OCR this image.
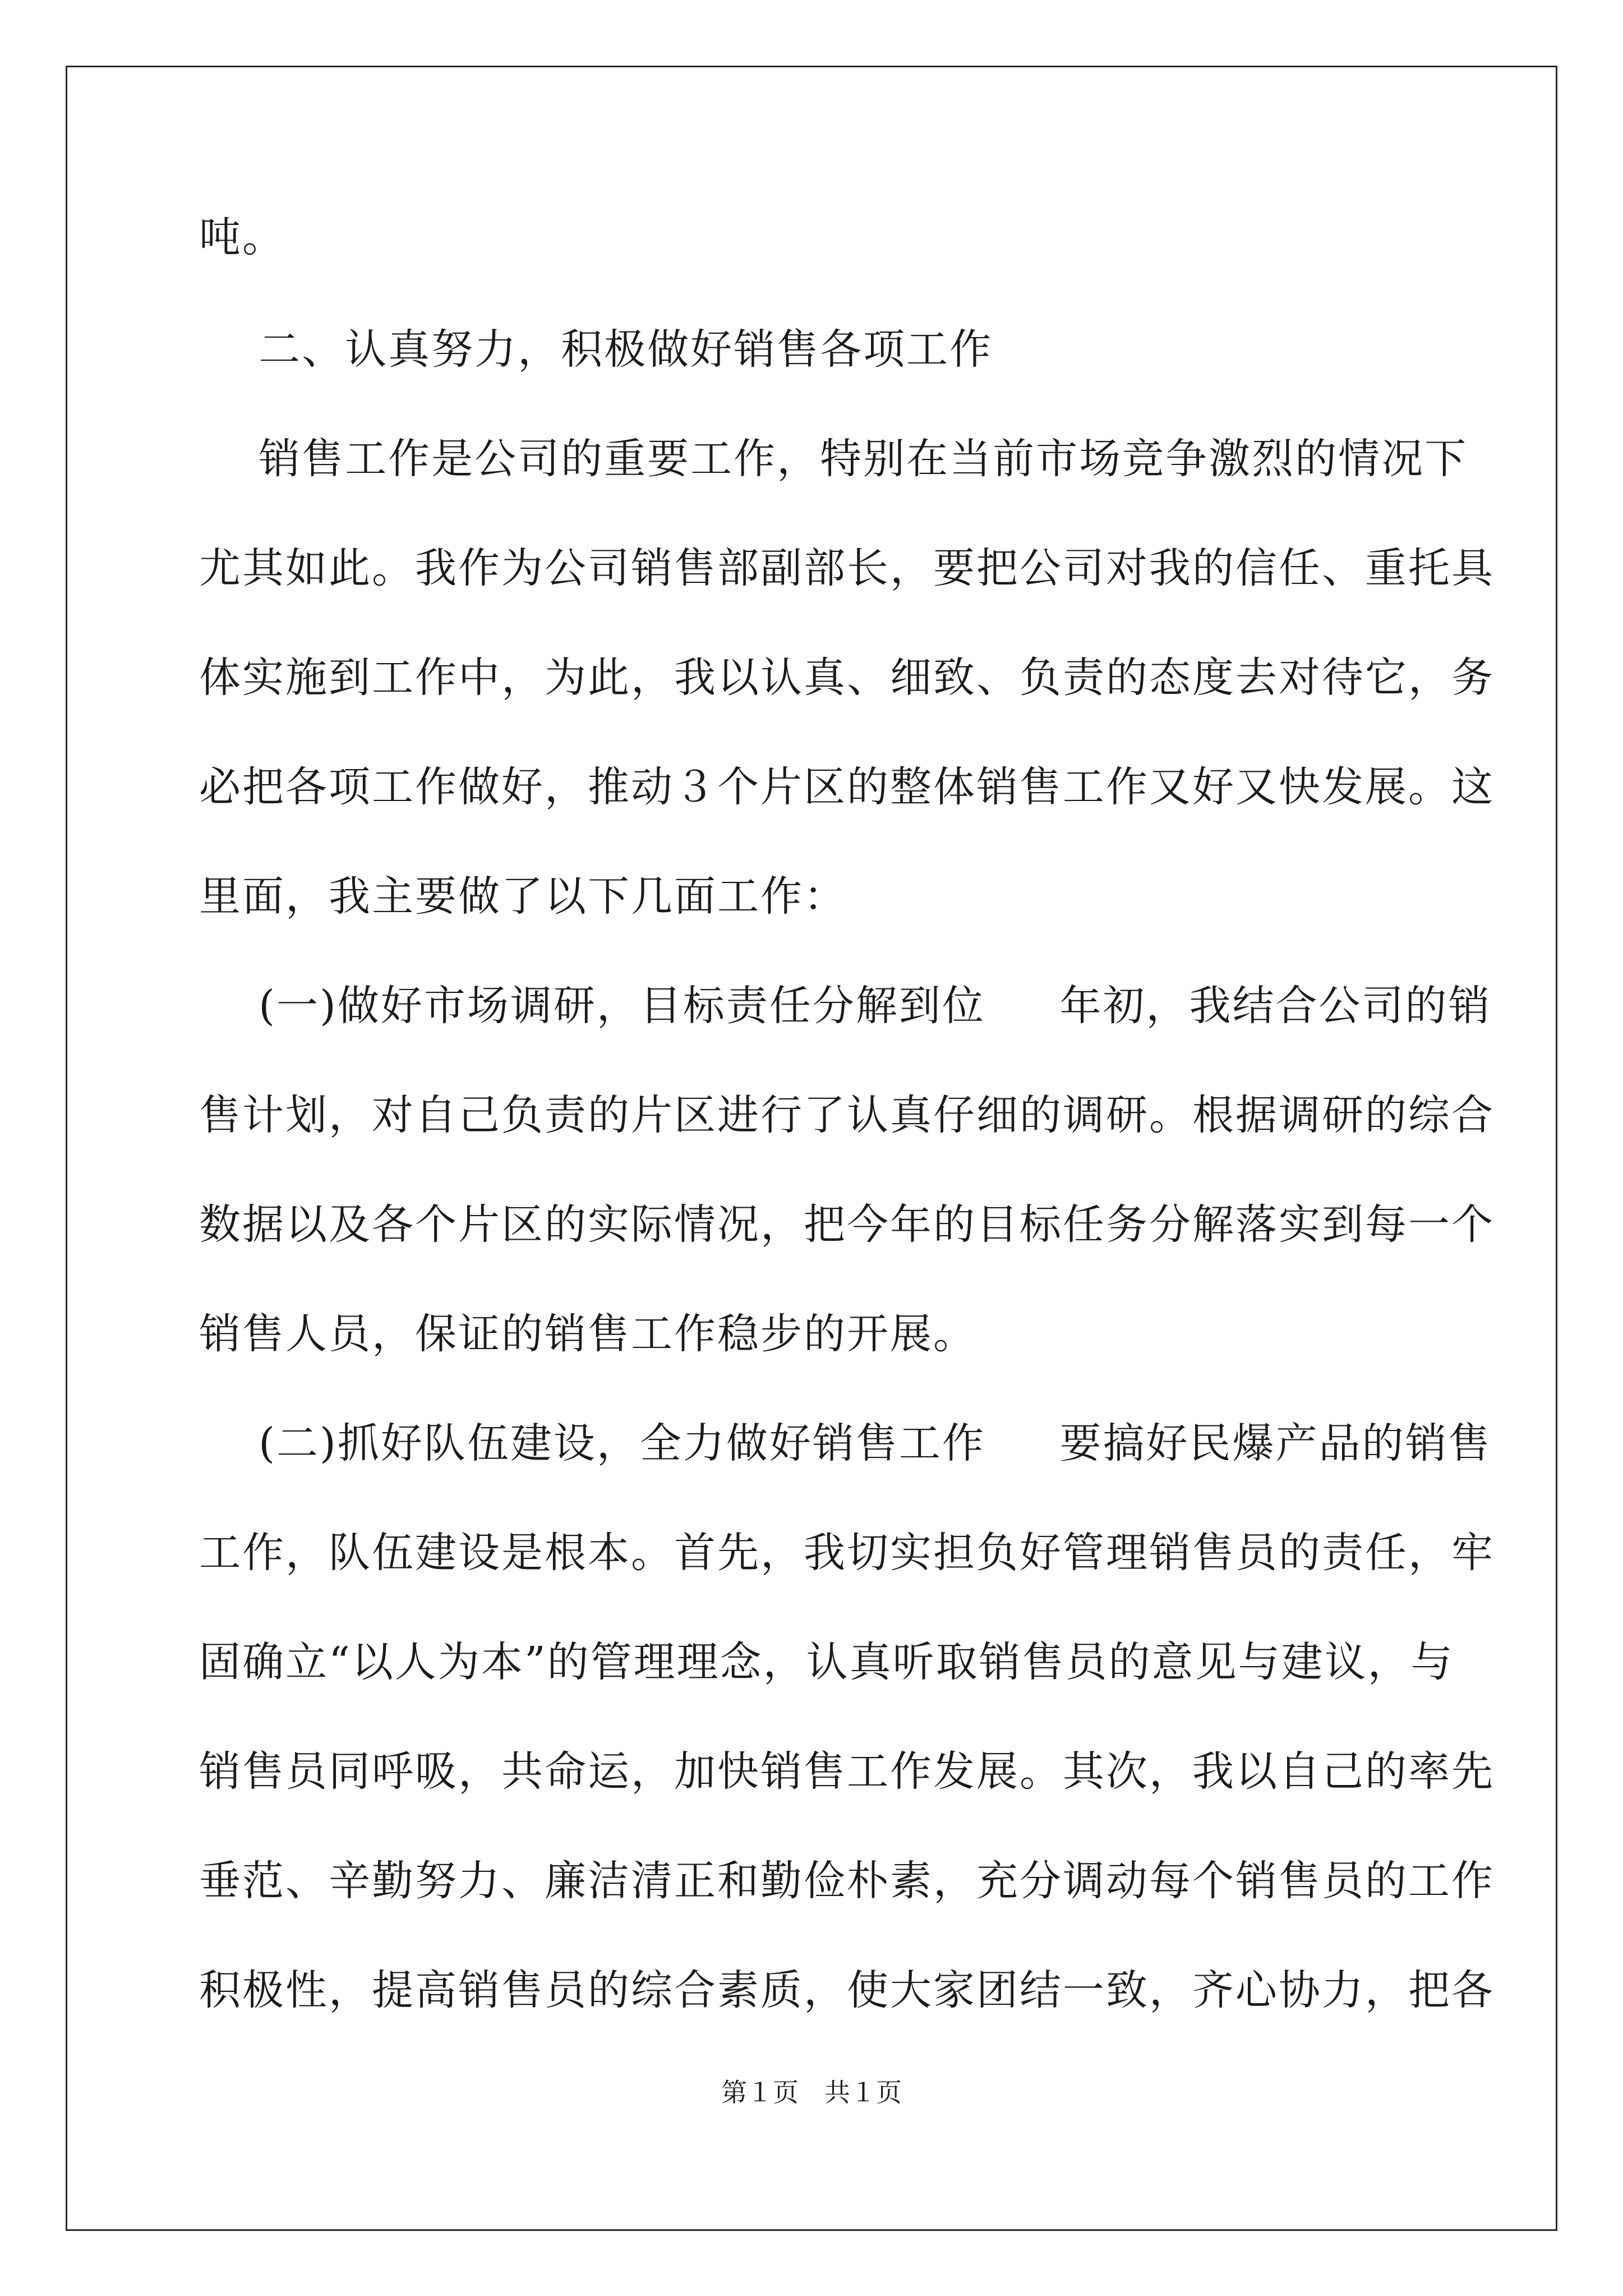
吨。
二、认真努力，积极做好销售各项工作
销售工作是公司的重要工作，特别在当前市场竞争激烈的情况下
尤其如此。我作为公司销售部副部长，要把公司对我的信任、重托具
体实施到工作中，为此，我以认真、细致、负责的态度去对待它，务
必把各项工作做好，推动３个片区的整体销售工作又好又快发展。这
里面，我主要做了以下几面工作：
(一)做好市场调研，目标责任分解到位     年初，我结合公司的销
售计划，对自己负责的片区进行了认真仔细的调研。根据调研的综合
数据以及各个片区的实际情况，把今年的目标任务分解落实到每一个
销售人员，保证的销售工作稳步的开展。
(二)抓好队伍建设，全力做好销售工作     要搞好民爆产品的销售
工作，队伍建设是根本。首先，我切实担负好管理销售员的责任，牢
固确立“以人为本”的管理理念，认真听取销售员的意见与建议，与
销售员同呼吸，共命运，加快销售工作发展。其次，我以自己的率先
垂范、辛勤努力、廉洁清正和勤俭朴素，充分调动每个销售员的工作
积极性，提高销售员的综合素质，使大家团结一致，齐心协力，把各
第１页　共１页
